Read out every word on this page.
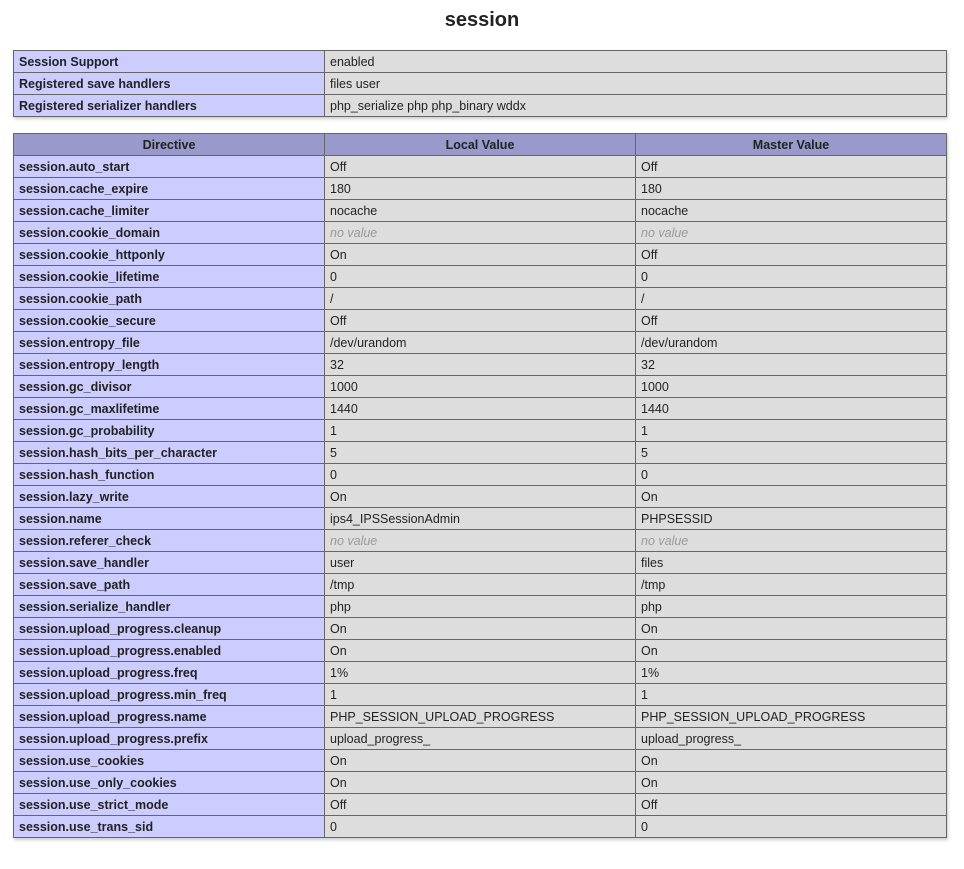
session
Session Support	enabled
Registered save handlers	files user
Registered serializer handlers	php_serialize php php_binary wddx
Directive	Local Value	Master Value
session.auto_start	Off	Off
session.cache_expire	180	180
session.cache_limiter	nocache	nocache
session.cookie_domain	no value	no value
session.cookie_httponly	On	Off
session.cookie_lifetime	0	0
session.cookie_path	/	/
session.cookie_secure	Off	Off
session.entropy_file	/dev/urandom	/dev/urandom
session.entropy_length	32	32
session.gc_divisor	1000	1000
session.gc_maxlifetime	1440	1440
session.gc_probability	1	1
session.hash_bits_per_character	5	5
session.hash_function	0	0
session.lazy_write	On	On
session.name	ips4_IPSSessionAdmin	PHPSESSID
session.referer_check	no value	no value
session.save_handler	user	files
session.save_path	/tmp	/tmp
session.serialize_handler	php	php
session.upload_progress.cleanup	On	On
session.upload_progress.enabled	On	On
session.upload_progress.freq	1%	1%
session.upload_progress.min_freq	1	1
session.upload_progress.name	PHP_SESSION_UPLOAD_PROGRESS	PHP_SESSION_UPLOAD_PROGRESS
session.upload_progress.prefix	upload_progress_	upload_progress_
session.use_cookies	On	On
session.use_only_cookies	On	On
session.use_strict_mode	Off	Off
session.use_trans_sid	0	0
